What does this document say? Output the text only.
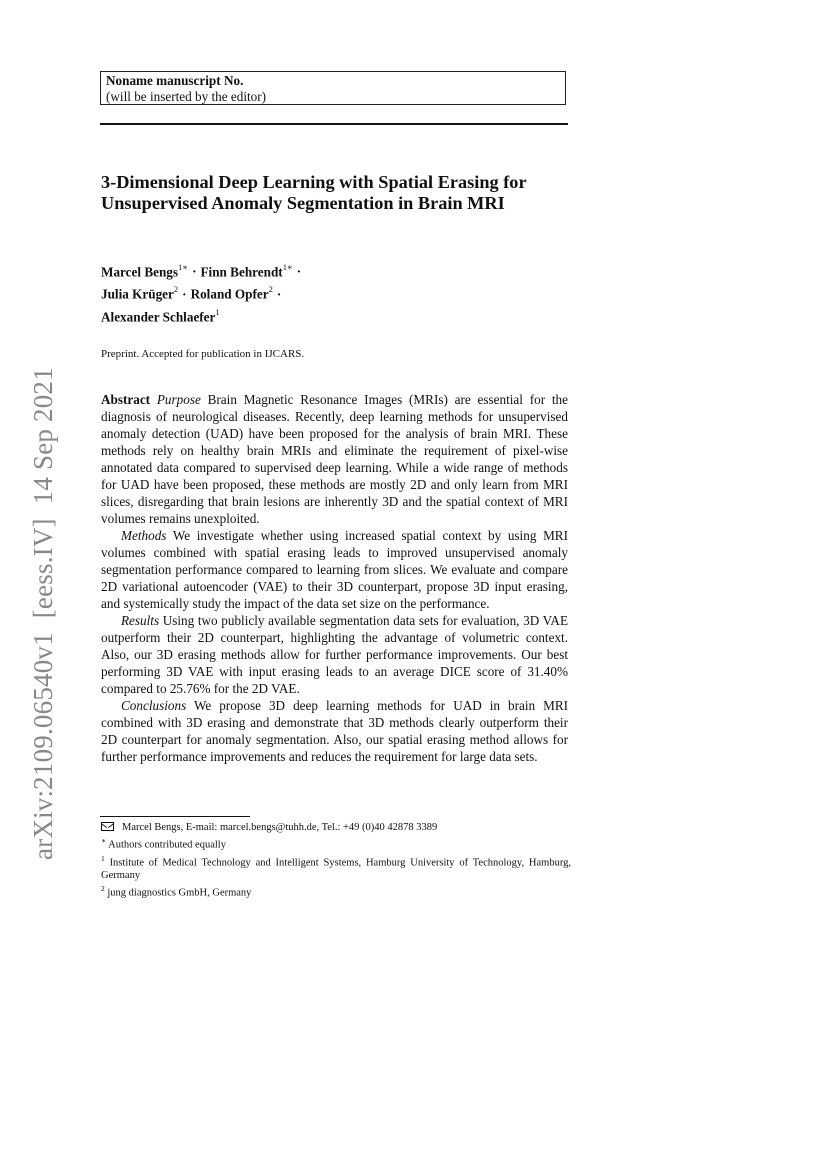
Noname manuscript No.
(will be inserted by the editor)
3-Dimensional Deep Learning with Spatial Erasing for Unsupervised Anomaly Segmentation in Brain MRI
Marcel Bengs$^{1∗}$ · Finn Behrendt$^{1∗}$ ·
Julia Krüger$^2$ · Roland Opfer$^2$ ·
Alexander Schlaefer$^1$
Preprint. Accepted for publication in IJCARS.

Abstract Purpose Brain Magnetic Resonance Images (MRIs) are essential for the diagnosis of neurological diseases. Recently, deep learning methods for unsupervised anomaly detection (UAD) have been proposed for the analysis of brain MRI. These methods rely on healthy brain MRIs and eliminate the requirement of pixel-wise annotated data compared to supervised deep learning. While a wide range of methods for UAD have been proposed, these methods are mostly 2D and only learn from MRI slices, disregarding that brain lesions are inherently 3D and the spatial context of MRI volumes remains unexploited.

Methods We investigate whether using increased spatial context by using MRI volumes combined with spatial erasing leads to improved unsupervised anomaly segmentation performance compared to learning from slices. We evaluate and compare 2D variational autoencoder (VAE) to their 3D counterpart, propose 3D input erasing, and systemically study the impact of the data set size on the performance.

Results Using two publicly available segmentation data sets for evaluation, 3D VAE outperform their 2D counterpart, highlighting the advantage of volumetric context. Also, our 3D erasing methods allow for further performance improvements. Our best performing 3D VAE with input erasing leads to an average DICE score of 31.40% compared to 25.76% for the 2D VAE.

Conclusions We propose 3D deep learning methods for UAD in brain MRI combined with 3D erasing and demonstrate that 3D methods clearly outperform their 2D counterpart for anomaly segmentation. Also, our spatial erasing method allows for further performance improvements and reduces the requirement for large data sets.

Marcel Bengs, E-mail: marcel.bengs@tuhh.de, Tel.: +49 (0)40 42878 3389
∗ Authors contributed equally
$^1$ Institute of Medical Technology and Intelligent Systems, Hamburg University of Technology, Hamburg, Germany
$^2$ jung diagnostics GmbH, Germany
arXiv:2109.06540v1  [eess.IV]  14 Sep 2021
